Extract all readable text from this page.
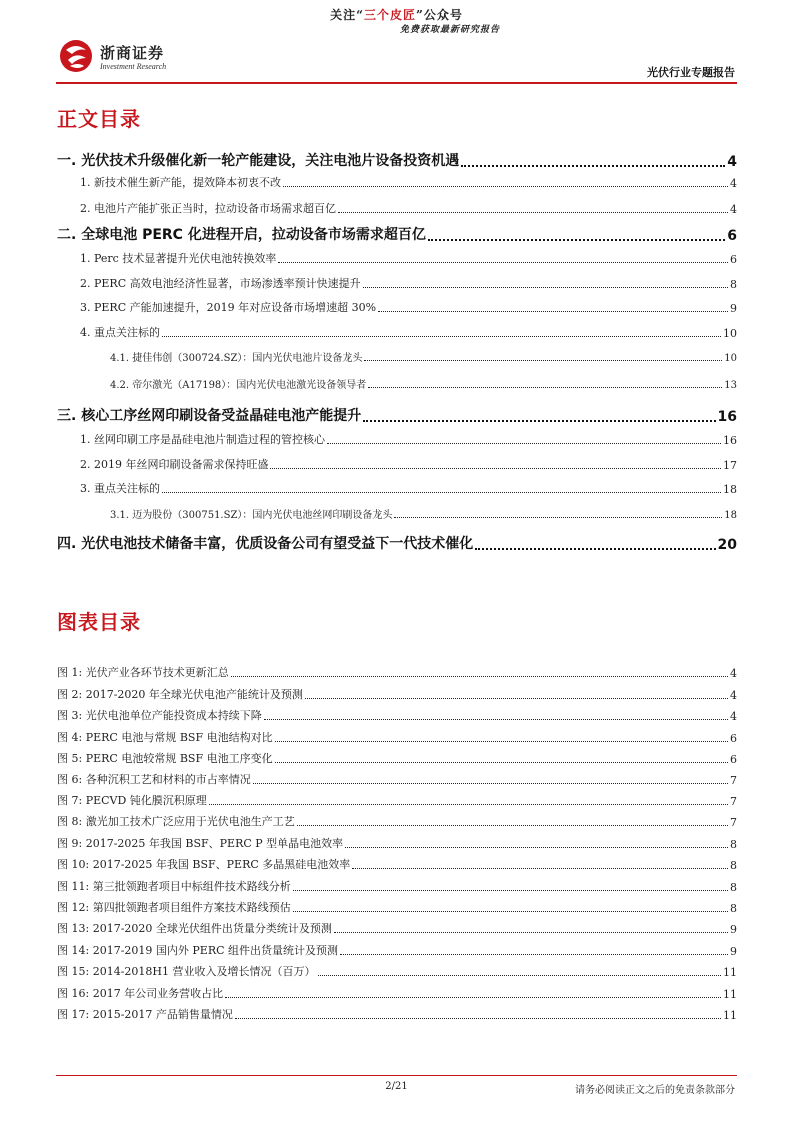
关注“三个皮匠”公众号
免费获取最新研究报告
浙商证券
Investment Research	光伏行业专题报告
正文目录
一. 光伏技术升级催化新一轮产能建设，关注电池片设备投资机遇	4
1. 新技术催生新产能，提效降本初衷不改	4
2. 电池片产能扩张正当时，拉动设备市场需求超百亿	4
二. 全球电池 PERC 化进程开启，拉动设备市场需求超百亿	6
1. Perc 技术显著提升光伏电池转换效率	6
2. PERC 高效电池经济性显著，市场渗透率预计快速提升	8
3. PERC 产能加速提升，2019 年对应设备市场增速超 30%	9
4. 重点关注标的	10
4.1. 捷佳伟创（300724.SZ）：国内光伏电池片设备龙头	10
4.2. 帝尔激光（A17198）：国内光伏电池激光设备领导者	13
三. 核心工序丝网印刷设备受益晶硅电池产能提升	16
1. 丝网印刷工序是晶硅电池片制造过程的管控核心	16
2. 2019 年丝网印刷设备需求保持旺盛	17
3. 重点关注标的	18
3.1. 迈为股份（300751.SZ）：国内光伏电池丝网印刷设备龙头	18
四. 光伏电池技术储备丰富，优质设备公司有望受益下一代技术催化	20
图表目录
图 1: 光伏产业各环节技术更新汇总	4
图 2: 2017-2020 年全球光伏电池产能统计及预测	4
图 3: 光伏电池单位产能投资成本持续下降	4
图 4: PERC 电池与常规 BSF 电池结构对比	6
图 5: PERC 电池较常规 BSF 电池工序变化	6
图 6: 各种沉积工艺和材料的市占率情况	7
图 7: PECVD 钝化膜沉积原理	7
图 8: 激光加工技术广泛应用于光伏电池生产工艺	7
图 9: 2017-2025 年我国 BSF、PERC P 型单晶电池效率	8
图 10: 2017-2025 年我国 BSF、PERC 多晶黑硅电池效率	8
图 11: 第三批领跑者项目中标组件技术路线分析	8
图 12: 第四批领跑者项目组件方案技术路线预估	8
图 13: 2017-2020 全球光伏组件出货量分类统计及预测	9
图 14: 2017-2019 国内外 PERC 组件出货量统计及预测	9
图 15: 2014-2018H1 营业收入及增长情况（百万）	11
图 16: 2017 年公司业务营收占比	11
图 17: 2015-2017 产品销售量情况	11
2/21	请务必阅读正文之后的免责条款部分
